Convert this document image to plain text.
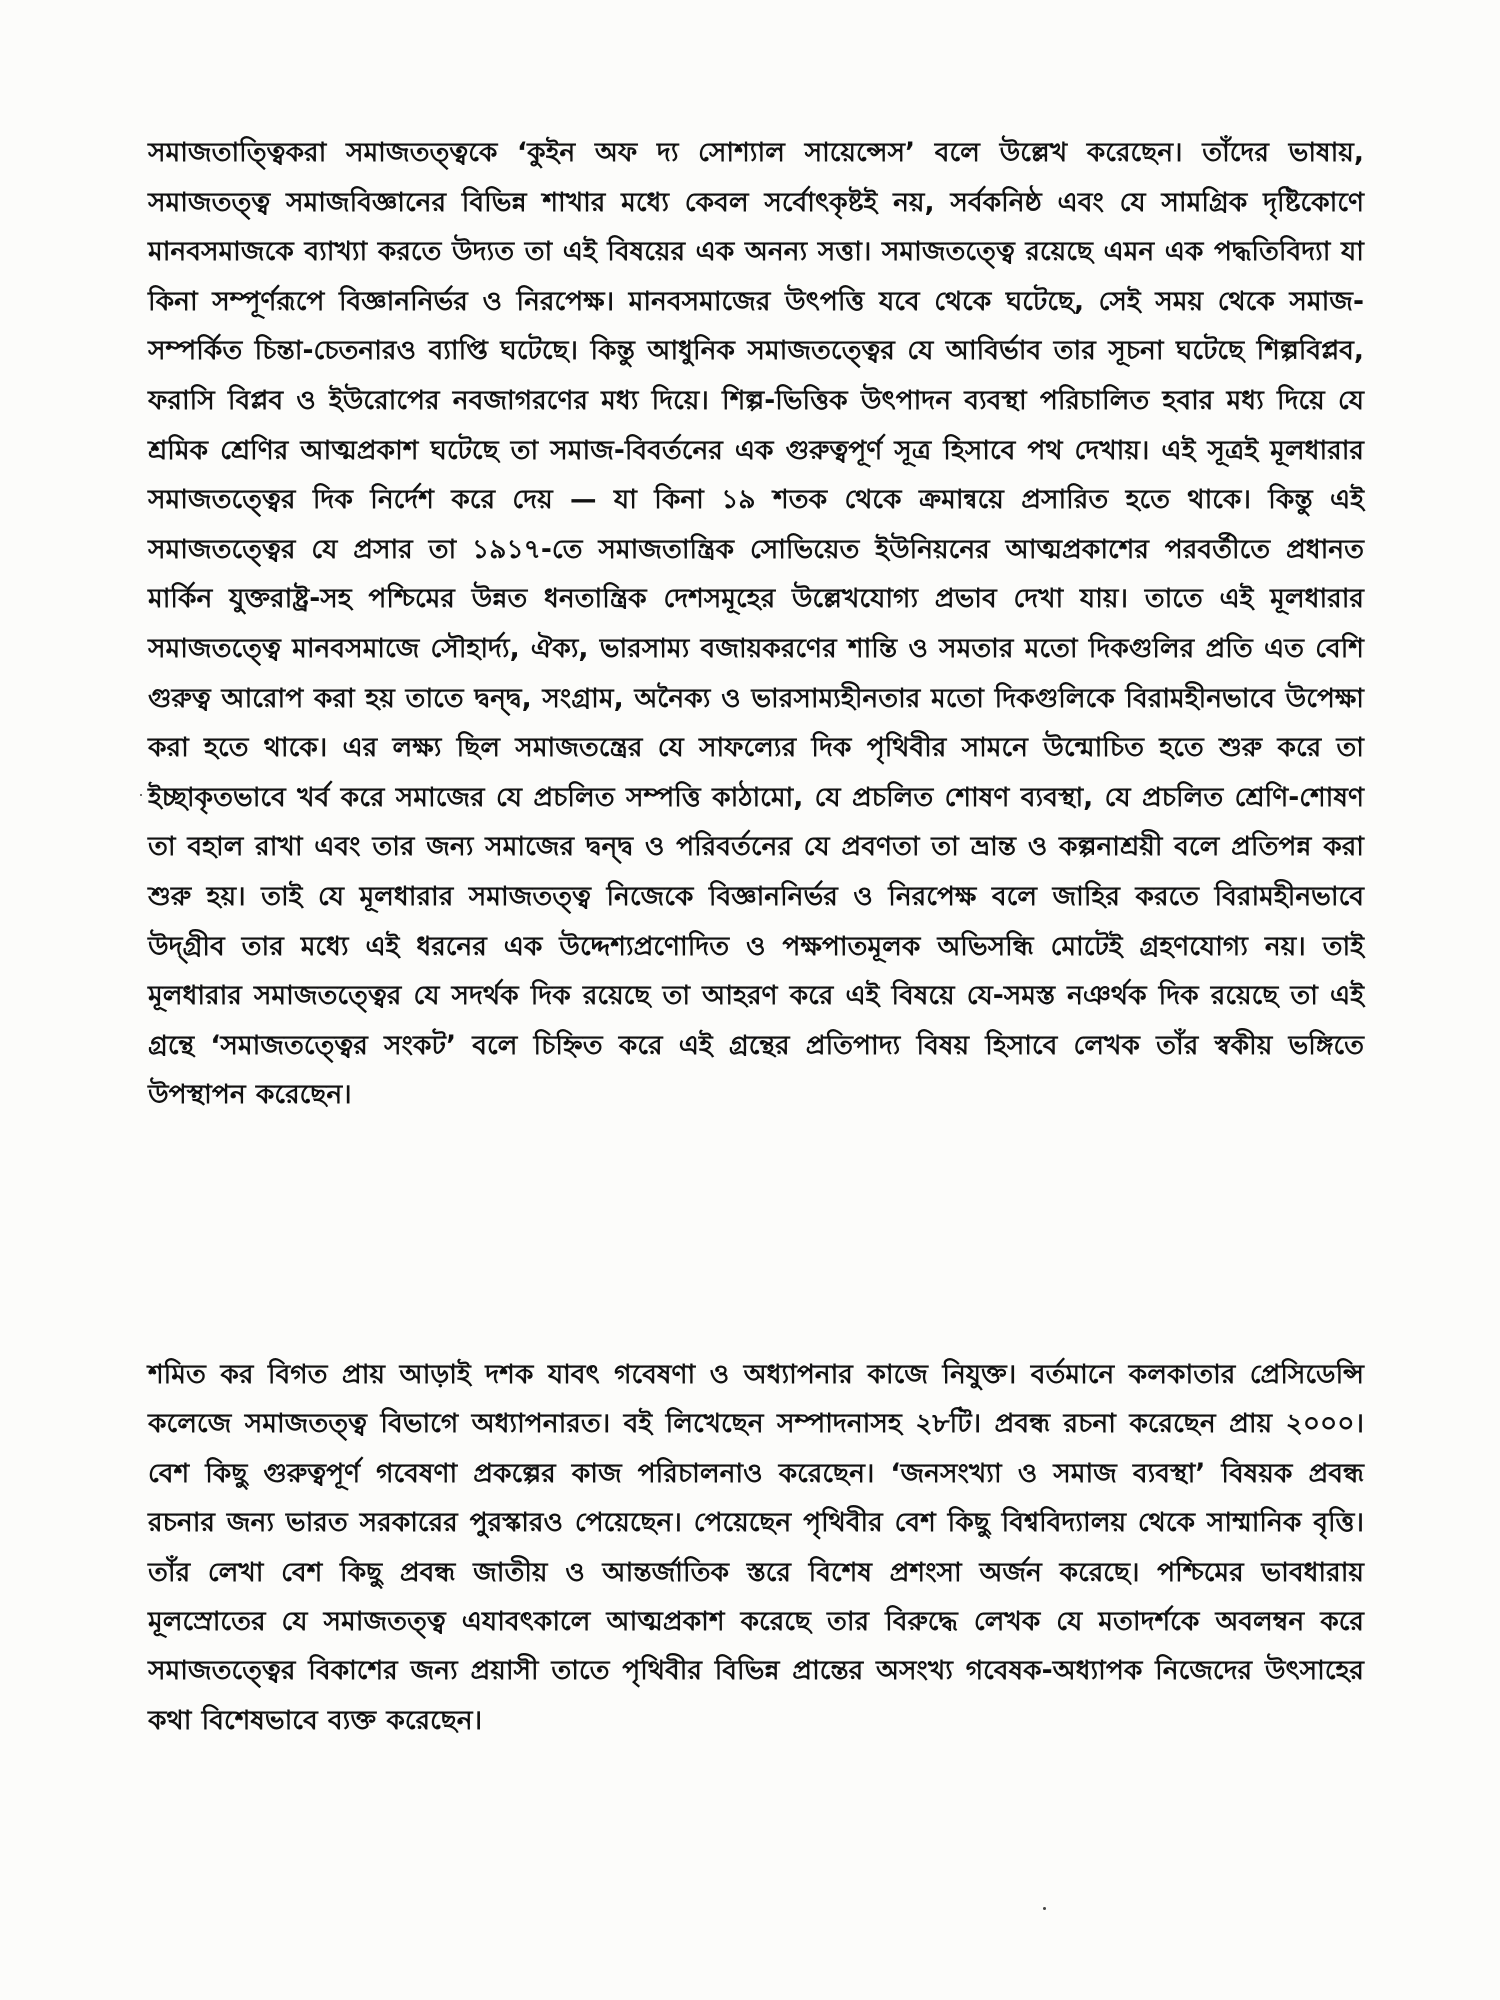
সমাজতাত্ত্বিকরা সমাজতত্ত্বকে ‘কুইন অফ দ্য সোশ্যাল সায়েন্সেস’ বলে উল্লেখ করেছেন। তাঁদের ভাষায়, সমাজতত্ত্ব সমাজবিজ্ঞানের বিভিন্ন শাখার মধ্যে কেবল সর্বোৎকৃষ্টই নয়, সর্বকনিষ্ঠ এবং যে সামগ্রিক দৃষ্টিকোণে মানবসমাজকে ব্যাখ্যা করতে উদ্যত তা এই বিষয়ের এক অনন্য সত্তা। সমাজতত্ত্বে রয়েছে এমন এক পদ্ধতিবিদ্যা যা কিনা সম্পূর্ণরূপে বিজ্ঞাননির্ভর ও নিরপেক্ষ। মানবসমাজের উৎপত্তি যবে থেকে ঘটেছে, সেই সময় থেকে সমাজ-সম্পর্কিত চিন্তা-চেতনারও ব্যাপ্তি ঘটেছে। কিন্তু আধুনিক সমাজতত্ত্বের যে আবির্ভাব তার সূচনা ঘটেছে শিল্পবিপ্লব, ফরাসি বিপ্লব ও ইউরোপের নবজাগরণের মধ্য দিয়ে। শিল্প-ভিত্তিক উৎপাদন ব্যবস্থা পরিচালিত হবার মধ্য দিয়ে যে শ্রমিক শ্রেণির আত্মপ্রকাশ ঘটেছে তা সমাজ-বিবর্তনের এক গুরুত্বপূর্ণ সূত্র হিসাবে পথ দেখায়। এই সূত্রই মূলধারার সমাজতত্ত্বের দিক নির্দেশ করে দেয় — যা কিনা ১৯ শতক থেকে ক্রমান্বয়ে প্রসারিত হতে থাকে। কিন্তু এই সমাজতত্ত্বের যে প্রসার তা ১৯১৭-তে সমাজতান্ত্রিক সোভিয়েত ইউনিয়নের আত্মপ্রকাশের পরবর্তীতে প্রধানত মার্কিন যুক্তরাষ্ট্র-সহ পশ্চিমের উন্নত ধনতান্ত্রিক দেশসমূহের উল্লেখযোগ্য প্রভাব দেখা যায়। তাতে এই মূলধারার সমাজতত্ত্বে মানবসমাজে সৌহার্দ্য, ঐক্য, ভারসাম্য বজায়করণের শান্তি ও সমতার মতো দিকগুলির প্রতি এত বেশি গুরুত্ব আরোপ করা হয় তাতে দ্বন্দ্ব, সংগ্রাম, অনৈক্য ও ভারসাম্যহীনতার মতো দিকগুলিকে বিরামহীনভাবে উপেক্ষা করা হতে থাকে। এর লক্ষ্য ছিল সমাজতন্ত্রের যে সাফল্যের দিক পৃথিবীর সামনে উন্মোচিত হতে শুরু করে তা ইচ্ছাকৃতভাবে খর্ব করে সমাজের যে প্রচলিত সম্পত্তি কাঠামো, যে প্রচলিত শোষণ ব্যবস্থা, যে প্রচলিত শ্রেণি-শোষণ তা বহাল রাখা এবং তার জন্য সমাজের দ্বন্দ্ব ও পরিবর্তনের যে প্রবণতা তা ভ্রান্ত ও কল্পনাশ্রয়ী বলে প্রতিপন্ন করা শুরু হয়। তাই যে মূলধারার সমাজতত্ত্ব নিজেকে বিজ্ঞাননির্ভর ও নিরপেক্ষ বলে জাহির করতে বিরামহীনভাবে উদ্‌গ্রীব তার মধ্যে এই ধরনের এক উদ্দেশ্যপ্রণোদিত ও পক্ষপাতমূলক অভিসন্ধি মোটেই গ্রহণযোগ্য নয়। তাই মূলধারার সমাজতত্ত্বের যে সদর্থক দিক রয়েছে তা আহরণ করে এই বিষয়ে যে-সমস্ত নঞর্থক দিক রয়েছে তা এই গ্রন্থে ‘সমাজতত্ত্বের সংকট’ বলে চিহ্নিত করে এই গ্রন্থের প্রতিপাদ্য বিষয় হিসাবে লেখক তাঁর স্বকীয় ভঙ্গিতে উপস্থাপন করেছেন।

শমিত কর বিগত প্রায় আড়াই দশক যাবৎ গবেষণা ও অধ্যাপনার কাজে নিযুক্ত। বর্তমানে কলকাতার প্রেসিডেন্সি কলেজে সমাজতত্ত্ব বিভাগে অধ্যাপনারত। বই লিখেছেন সম্পাদনাসহ ২৮টি। প্রবন্ধ রচনা করেছেন প্রায় ২০০০। বেশ কিছু গুরুত্বপূর্ণ গবেষণা প্রকল্পের কাজ পরিচালনাও করেছেন। ‘জনসংখ্যা ও সমাজ ব্যবস্থা’ বিষয়ক প্রবন্ধ রচনার জন্য ভারত সরকারের পুরস্কারও পেয়েছেন। পেয়েছেন পৃথিবীর বেশ কিছু বিশ্ববিদ্যালয় থেকে সাম্মানিক বৃত্তি। তাঁর লেখা বেশ কিছু প্রবন্ধ জাতীয় ও আন্তর্জাতিক স্তরে বিশেষ প্রশংসা অর্জন করেছে। পশ্চিমের ভাবধারায় মূলস্রোতের যে সমাজতত্ত্ব এযাবৎকালে আত্মপ্রকাশ করেছে তার বিরুদ্ধে লেখক যে মতাদর্শকে অবলম্বন করে সমাজতত্ত্বের বিকাশের জন্য প্রয়াসী তাতে পৃথিবীর বিভিন্ন প্রান্তের অসংখ্য গবেষক-অধ্যাপক নিজেদের উৎসাহের কথা বিশেষভাবে ব্যক্ত করেছেন।
